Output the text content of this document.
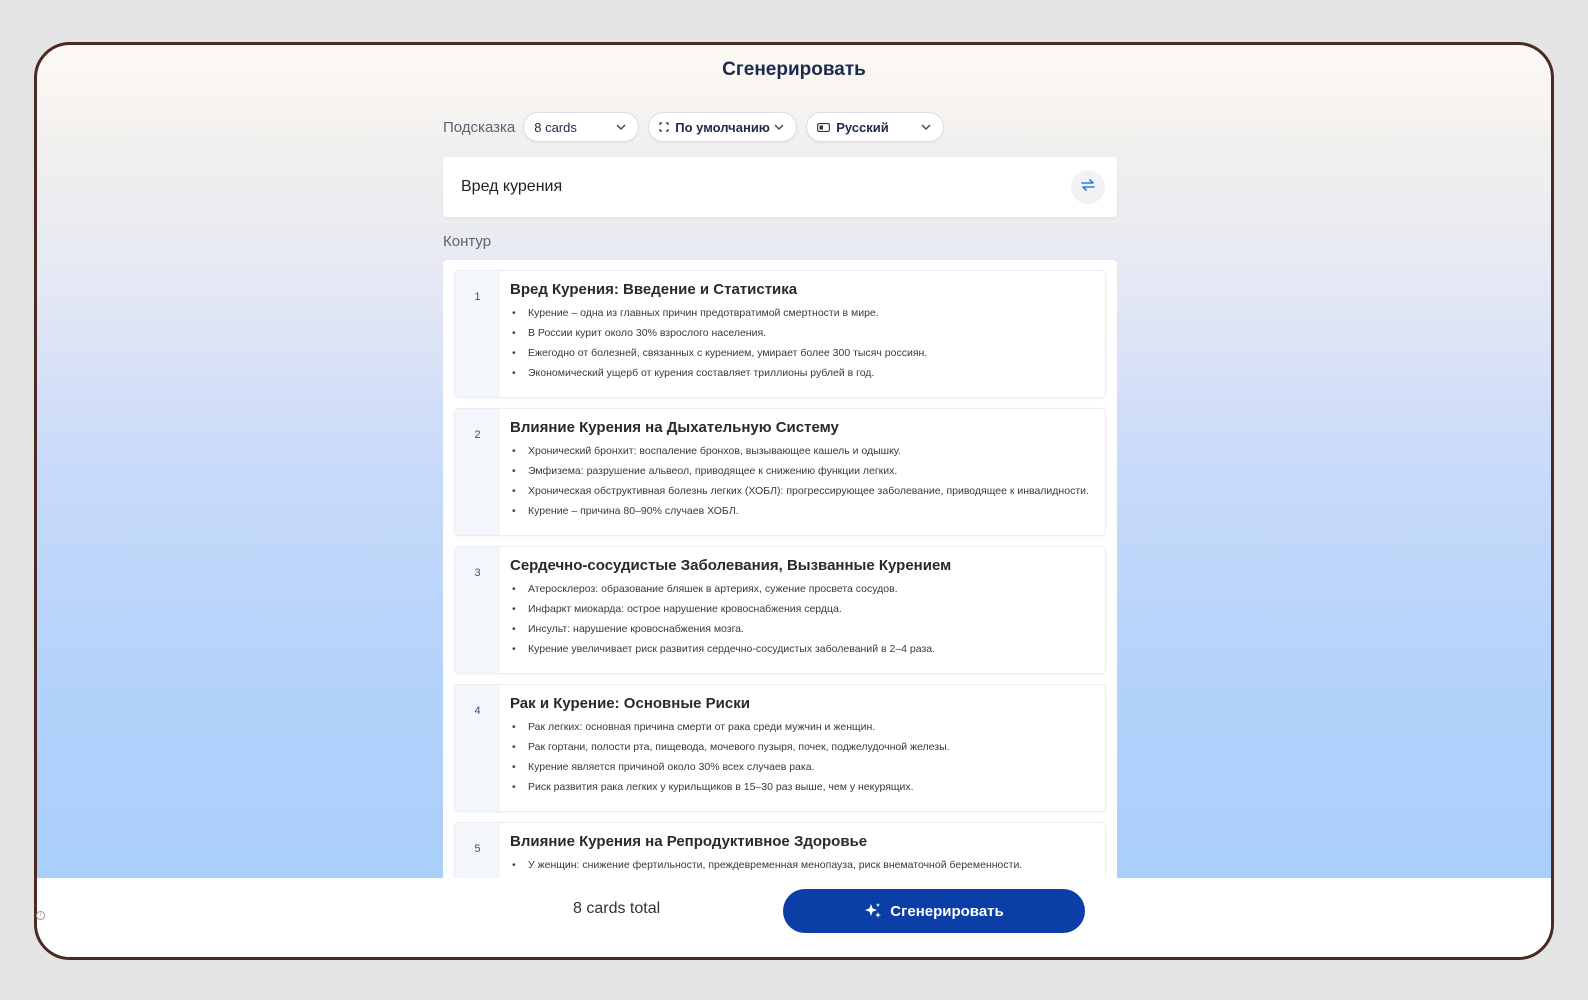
Сгенерировать
Подсказка 8 cards	По умолчанию	Русский
Вред курения
Контур
1	Вред Курения: Введение и Статистика
• Курение – одна из главных причин предотвратимой смертности в мире.
• В России курит около 30% взрослого населения.
• Ежегодно от болезней, связанных с курением, умирает более 300 тысяч россиян.
• Экономический ущерб от курения составляет триллионы рублей в год.
2	Влияние Курения на Дыхательную Систему
• Хронический бронхит: воспаление бронхов, вызывающее кашель и одышку.
• Эмфизема: разрушение альвеол, приводящее к снижению функции легких.
• Хроническая обструктивная болезнь легких (ХОБЛ): прогрессирующее заболевание, приводящее к инвалидности.
• Курение – причина 80–90% случаев ХОБЛ.
3	Сердечно-сосудистые Заболевания, Вызванные Курением
• Атеросклероз: образование бляшек в артериях, сужение просвета сосудов.
• Инфаркт миокарда: острое нарушение кровоснабжения сердца.
• Инсульт: нарушение кровоснабжения мозга.
• Курение увеличивает риск развития сердечно-сосудистых заболеваний в 2–4 раза.
4	Рак и Курение: Основные Риски
• Рак легких: основная причина смерти от рака среди мужчин и женщин.
• Рак гортани, полости рта, пищевода, мочевого пузыря, почек, поджелудочной железы.
• Курение является причиной около 30% всех случаев рака.
• Риск развития рака легких у курильщиков в 15–30 раз выше, чем у некурящих.
5	Влияние Курения на Репродуктивное Здоровье
• У женщин: снижение фертильности, преждевременная менопауза, риск внематочной беременности.
8 cards total	Сгенерировать
i
